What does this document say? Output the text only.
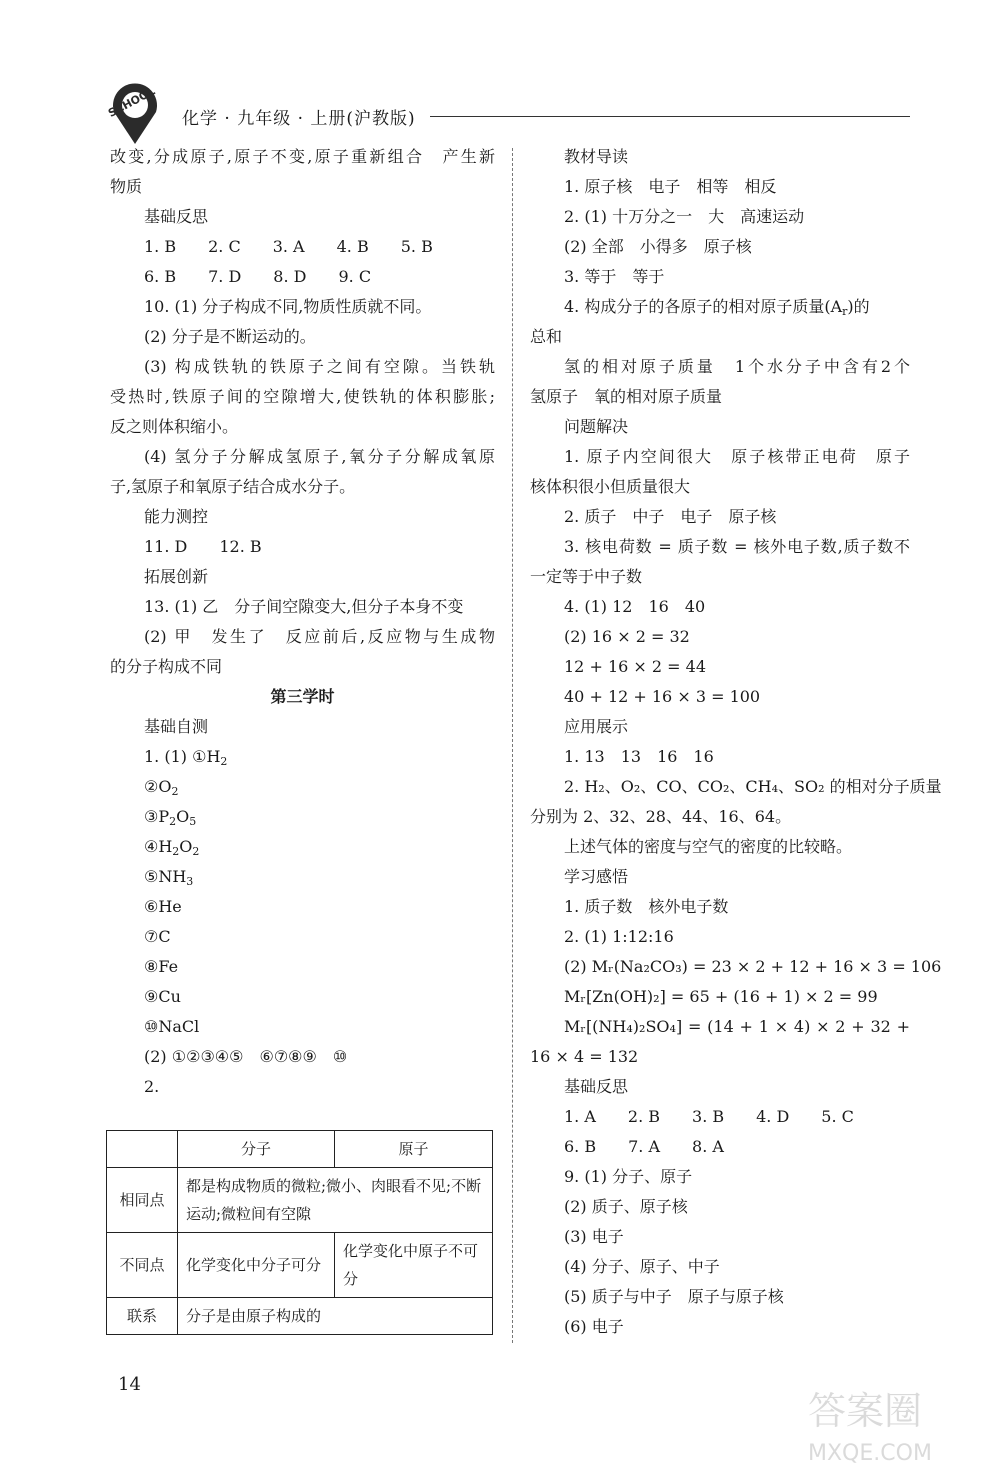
SCHOOL 化学 · 九年级 · 上册(沪教版)
改变,分成原子,原子不变,原子重新组合　产生新
物质
基础反思
1. B　　2. C　　3. A　　4. B　　5. B
6. B　　7. D　　8. D　　9. C
10. (1) 分子构成不同,物质性质就不同。
(2) 分子是不断运动的。
(3) 构成铁轨的铁原子之间有空隙。当铁轨
受热时,铁原子间的空隙增大,使铁轨的体积膨胀;
反之则体积缩小。
(4) 氢分子分解成氢原子,氧分子分解成氧原
子,氢原子和氧原子结合成水分子。
能力测控
11. D　　12. B
拓展创新
13. (1) 乙　分子间空隙变大,但分子本身不变
(2) 甲　发生了　反应前后,反应物与生成物
的分子构成不同
第三学时
基础自测
1. (1) $①H_2$
$②O_2$
$③P_2O_5$
$④H_2O_2$
$⑤NH_3$
⑥He
⑦C
⑧Fe
⑨Cu
⑩NaCl
(2) ①②③④⑤　⑥⑦⑧⑨　⑩
2.
教材导读
1. 原子核　电子　相等　相反
2. (1) 十万分之一　大　高速运动
(2) 全部　小得多　原子核
3. 等于　等于
4. 构成分子的各原子的相对原子质量$(A_r)$的
总和
氢的相对原子质量　1个水分子中含有2个
氢原子　氧的相对原子质量
问题解决
1. 原子内空间很大　原子核带正电荷　原子
核体积很小但质量很大
2. 质子　中子　电子　原子核
3. 核电荷数 = 质子数 = 核外电子数,质子数不
一定等于中子数
4. (1) 12　16　40
(2) 16 × 2 = 32
12 + 16 × 2 = 44
40 + 12 + 16 × 3 = 100
应用展示
1. 13　13　16　16
2. H₂、O₂、CO、CO₂、CH₄、SO₂ 的相对分子质量
分别为 2、32、28、44、16、64。
上述气体的密度与空气的密度的比较略。
学习感悟
1. 质子数　核外电子数
2. (1) 1:12:16
(2) Mᵣ(Na₂CO₃) = 23 × 2 + 12 + 16 × 3 = 106
Mᵣ[Zn(OH)₂] = 65 + (16 + 1) × 2 = 99
Mᵣ[(NH₄)₂SO₄] = (14 + 1 × 4) × 2 + 32 +
16 × 4 = 132
基础反思
1. A　　2. B　　3. B　　4. D　　5. C
6. B　　7. A　　8. A
9. (1) 分子、原子
(2) 质子、原子核
(3) 电子
(4) 分子、原子、中子
(5) 质子与中子　原子与原子核
(6) 电子
	分子	原子
相同点	都是构成物质的微粒;微小、肉眼看不见;不断运动;微粒间有空隙	
不同点	化学变化中分子可分	化学变化中原子不可分
联系	分子是由原子构成的	
14
答案圈
MXQE.COM
